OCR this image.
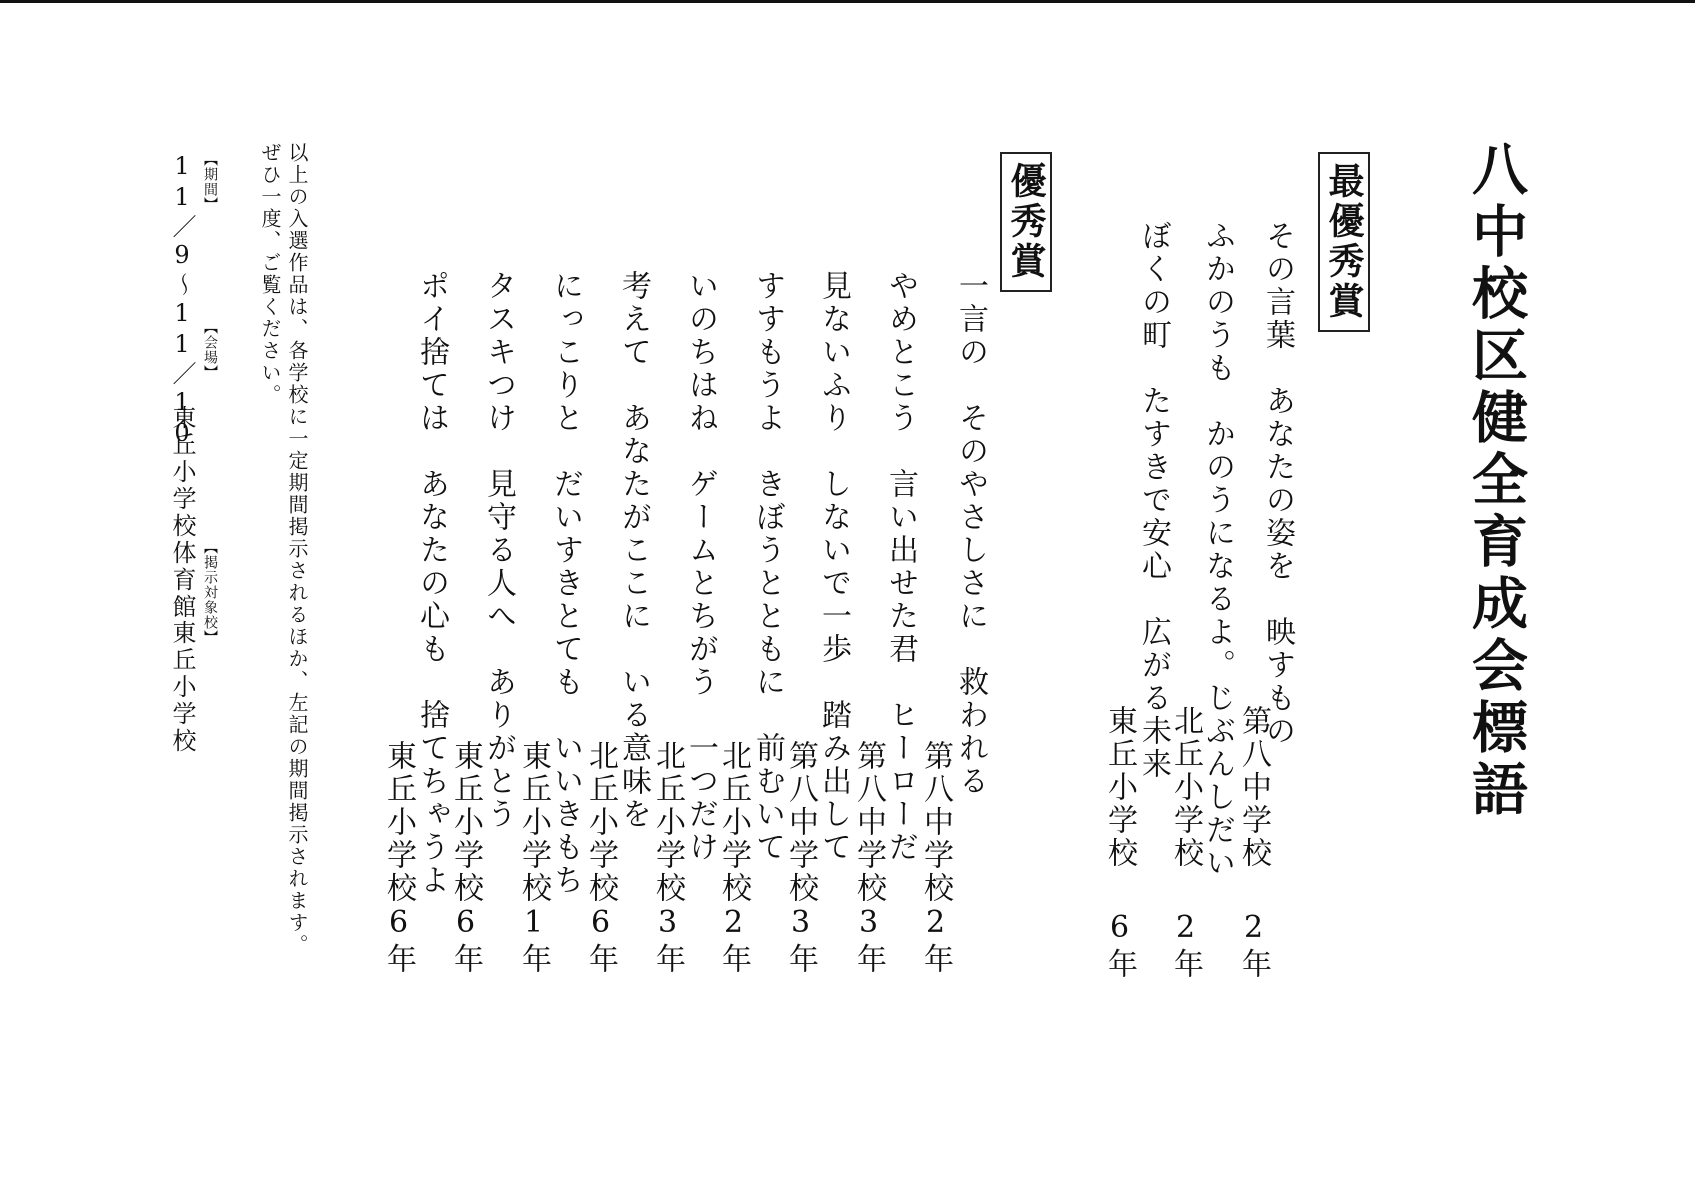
八中校区健全育成会標語
最優秀賞
その言葉　あなたの姿を　映すもの
第八中学校
2年
ふかのうも　かのうになるよ。じぶんしだい
北丘小学校
2年
ぼくの町　たすきで安心　広がる未来
東丘小学校
6年
優秀賞
一言の　そのやさしさに　救われる
第八中学校
2年
やめとこう　言い出せた君　ヒーローだ
第八中学校
3年
見ないふり　しないで一歩　踏み出して
第八中学校
3年
すすもうよ　きぼうとともに　前むいて
北丘小学校
2年
いのちはね　ゲームとちがう　一つだけ
北丘小学校
3年
考えて　あなたがここに　いる意味を
北丘小学校
6年
にっこりと　だいすきとても　いいきもち
東丘小学校
1年
タスキつけ　見守る人へ　ありがとう
東丘小学校
6年
ポイ捨ては　あなたの心も　捨てちゃうよ
東丘小学校
6年
以上の入選作品は、各学校に一定期間掲示されるほか、左記の期間掲示されます。
ぜひ一度、ご覧ください。
【期間】
11／9～11／10 【会場】
東丘小学校体育館 【掲示対象校】
東丘小学校
